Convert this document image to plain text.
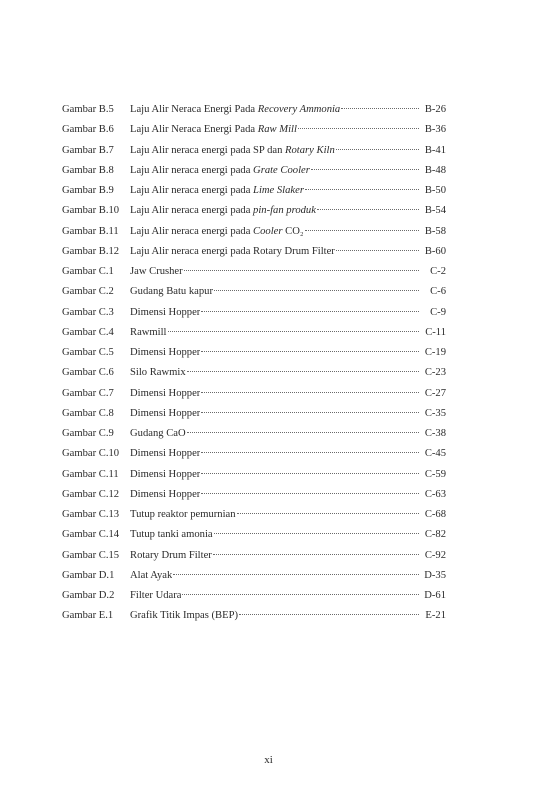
Gambar B.5	Laju Alir Neraca Energi Pada Recovery Ammonia	B-26
Gambar B.6	Laju Alir Neraca Energi Pada Raw Mill	B-36
Gambar B.7	Laju Alir neraca energi pada SP dan Rotary Kiln	B-41
Gambar B.8	Laju Alir neraca energi pada Grate Cooler	B-48
Gambar B.9	Laju Alir neraca energi pada Lime Slaker	B-50
Gambar B.10	Laju Alir neraca energi pada pin-fan produk	B-54
Gambar B.11	Laju Alir neraca energi pada Cooler CO₂	B-58
Gambar B.12	Laju Alir neraca energi pada Rotary Drum Filter	B-60
Gambar C.1	Jaw Crusher	C-2
Gambar C.2	Gudang Batu kapur	C-6
Gambar C.3	Dimensi Hopper	C-9
Gambar C.4	Rawmill	C-11
Gambar C.5	Dimensi Hopper	C-19
Gambar C.6	Silo Rawmix	C-23
Gambar C.7	Dimensi Hopper	C-27
Gambar C.8	Dimensi Hopper	C-35
Gambar C.9	Gudang CaO	C-38
Gambar C.10	Dimensi Hopper	C-45
Gambar C.11	Dimensi Hopper	C-59
Gambar C.12	Dimensi Hopper	C-63
Gambar C.13	Tutup reaktor pemurnian	C-68
Gambar C.14	Tutup tanki amonia	C-82
Gambar C.15	Rotary Drum Filter	C-92
Gambar D.1	Alat Ayak	D-35
Gambar D.2	Filter Udara	D-61
Gambar E.1	Grafik Titik Impas (BEP)	E-21
xi
